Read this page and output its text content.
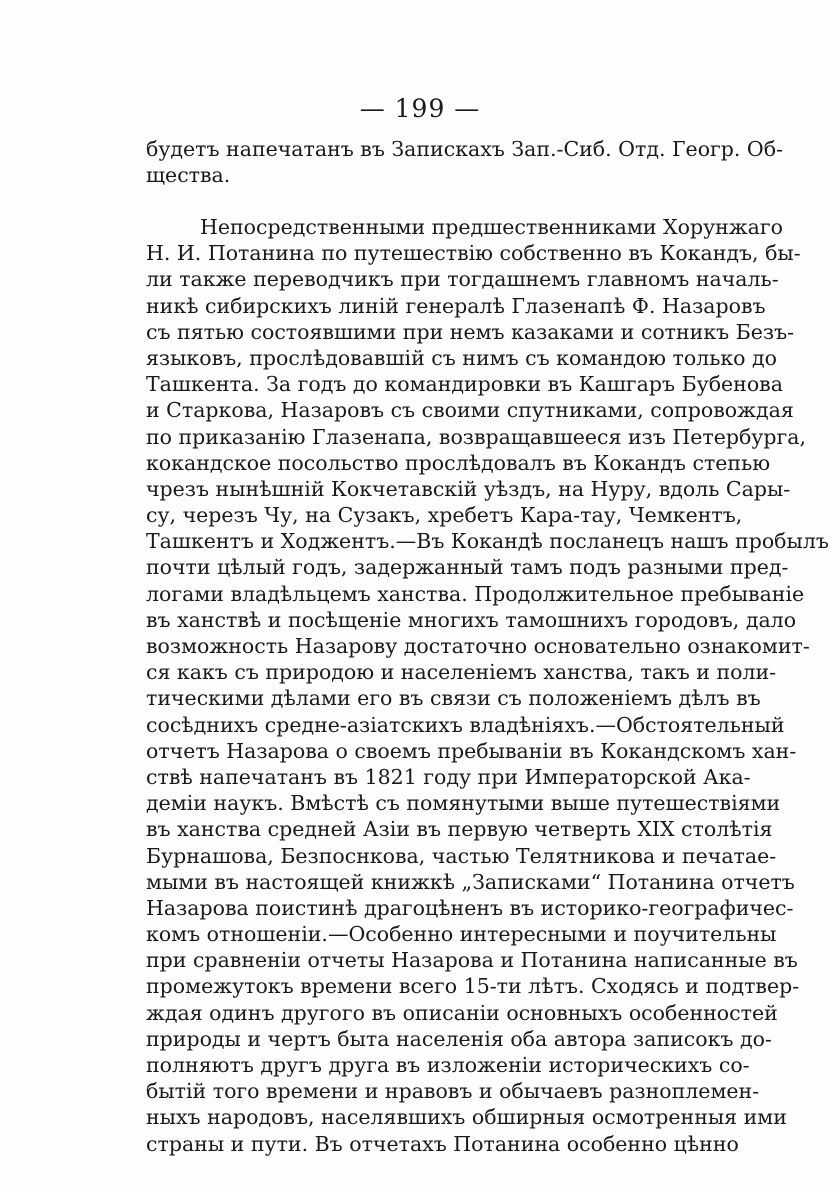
— 199 —
будетъ напечатанъ въ Запискахъ Зап.-Сиб. Отд. Геогр. Об-
щества.
Непосредственными предшественниками Хорунжаго
Н. И. Потанина по путешествію собственно въ Кокандъ, бы-
ли также переводчикъ при тогдашнемъ главномъ началь-
никѣ сибирскихъ линій генералѣ Глазенапѣ Ф. Назаровъ
съ пятью состоявшими при немъ казаками и сотникъ Безъ-
языковъ, прослѣдовавшій съ нимъ съ командою только до
Ташкента. За годъ до командировки въ Кашгаръ Бубенова
и Старкова, Назаровъ съ своими спутниками, сопровождая
по приказанію Глазенапа, возвращавшееся изъ Петербурга,
кокандское посольство прослѣдовалъ въ Кокандъ степью
чрезъ нынѣшній Кокчетавскій уѣздъ, на Нуру, вдоль Сары-
су, черезъ Чу, на Сузакъ, хребетъ Кара-тау, Чемкентъ,
Ташкентъ и Ходжентъ.—Въ Кокандѣ посланецъ нашъ пробылъ
почти цѣлый годъ, задержанный тамъ подъ разными пред-
логами владѣльцемъ ханства. Продолжительное пребываніе
въ ханствѣ и посѣщеніе многихъ тамошнихъ городовъ, дало
возможность Назарову достаточно основательно ознакомит-
ся какъ съ природою и населеніемъ ханства, такъ и поли-
тическими дѣлами его въ связи съ положеніемъ дѣлъ въ
сосѣднихъ средне-азіатскихъ владѣніяхъ.—Обстоятельный
отчетъ Назарова о своемъ пребываніи въ Кокандскомъ хан-
ствѣ напечатанъ въ 1821 году при Императорской Ака-
деміи наукъ. Вмѣстѣ съ помянутыми выше путешествіями
въ ханства средней Азіи въ первую четверть XIX столѣтія
Бурнашова, Безпоснкова, частью Телятникова и печатае-
мыми въ настоящей книжкѣ „Записками“ Потанина отчетъ
Назарова поистинѣ драгоцѣненъ въ историко-географичес-
комъ отношеніи.—Особенно интересными и поучительны
при сравненіи отчеты Назарова и Потанина написанные въ
промежутокъ времени всего 15-ти лѣтъ. Сходясь и подтвер-
ждая одинъ другого въ описаніи основныхъ особенностей
природы и чертъ быта населенія оба автора записокъ до-
полняютъ другъ друга въ изложеніи историческихъ со-
бытій того времени и нравовъ и обычаевъ разноплемен-
ныхъ народовъ, населявшихъ обширныя осмотренныя ими
страны и пути. Въ отчетахъ Потанина особенно цѣнно
